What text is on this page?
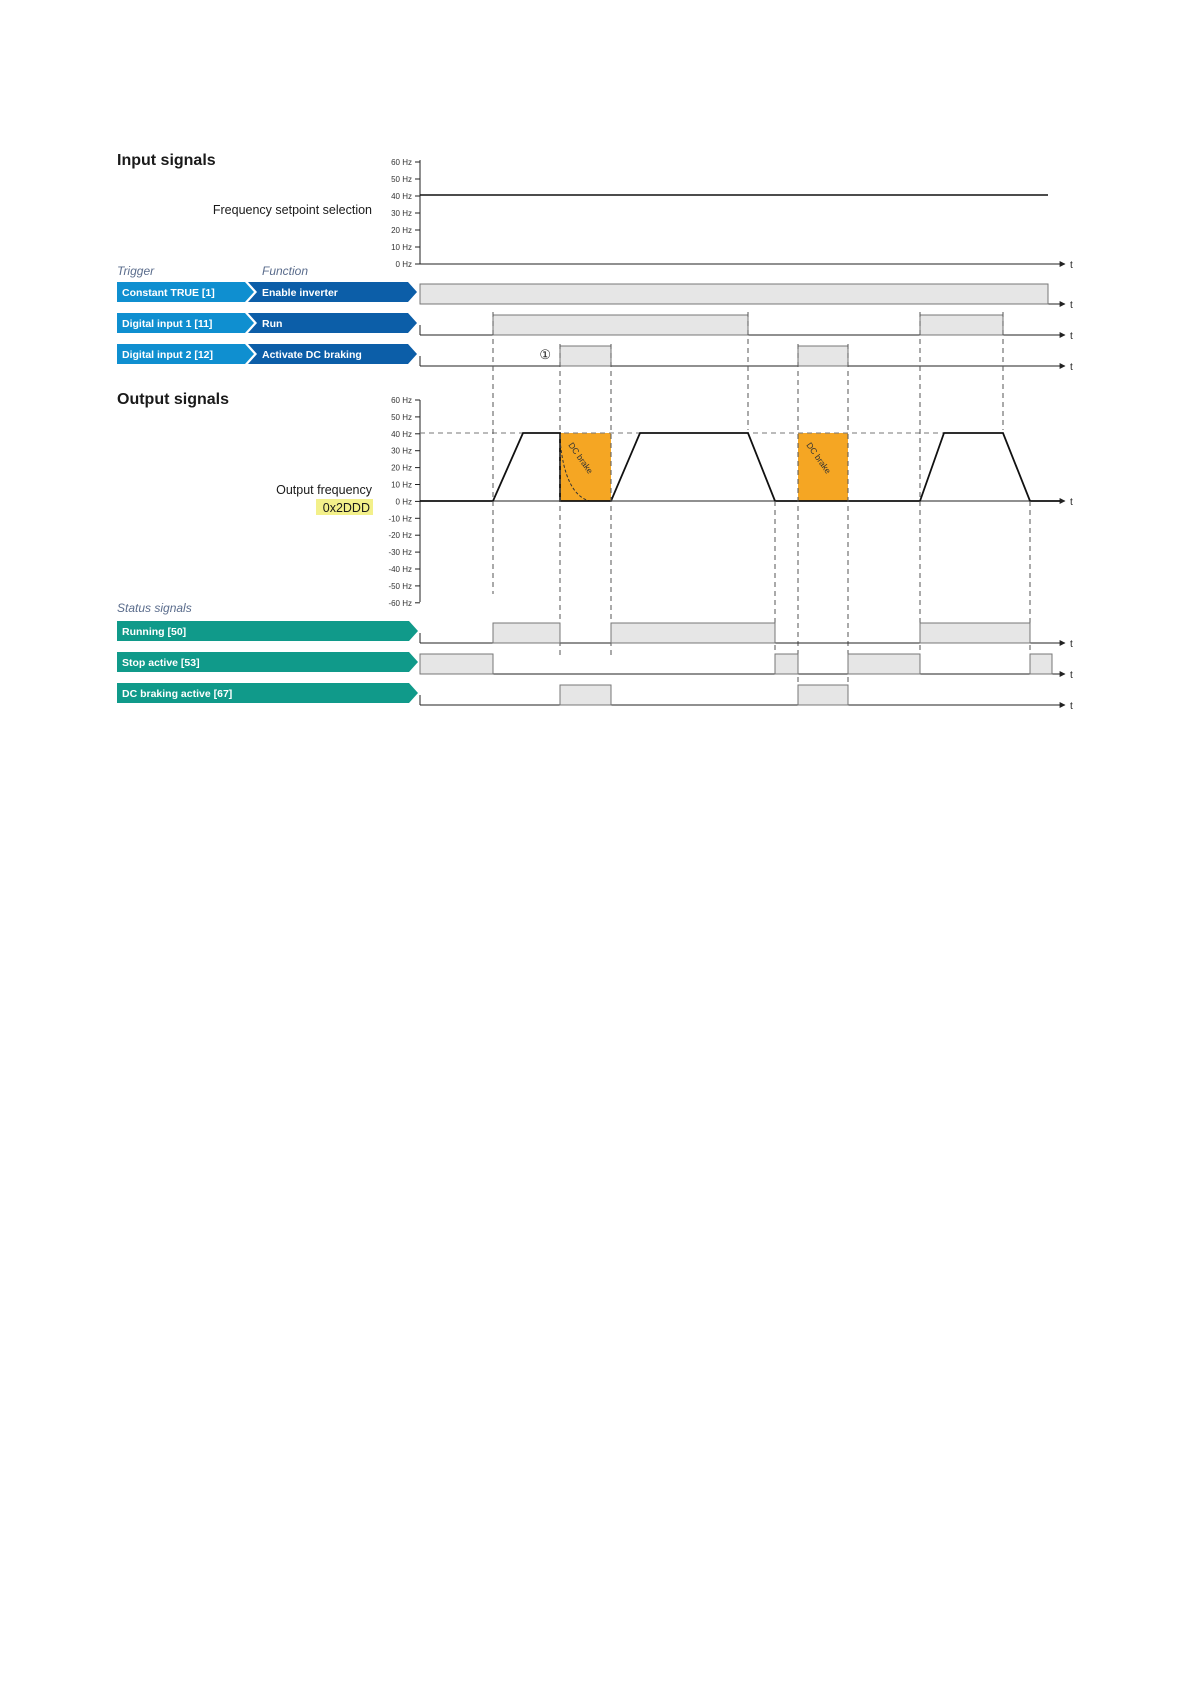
Input signals
Output signals
Trigger	Function
Status signals
Frequency setpoint selection
60 Hz
50 Hz
40 Hz
30 Hz
20 Hz
10 Hz
0 Hz	t
Constant TRUE [1]	Enable inverter
t
Digital input 1 [11]	Run
t
Digital input 2 [12]	Activate DC braking
t
Output frequency
0x2DDD
60 Hz
50 Hz
40 Hz
30 Hz
20 Hz
10 Hz
0 Hz
-10 Hz
-20 Hz
-30 Hz
-40 Hz
-50 Hz
-60 Hz
t
DC brake	DC brake
①
Running [50]
t
Stop active [53]
t
DC braking active [67]
t
